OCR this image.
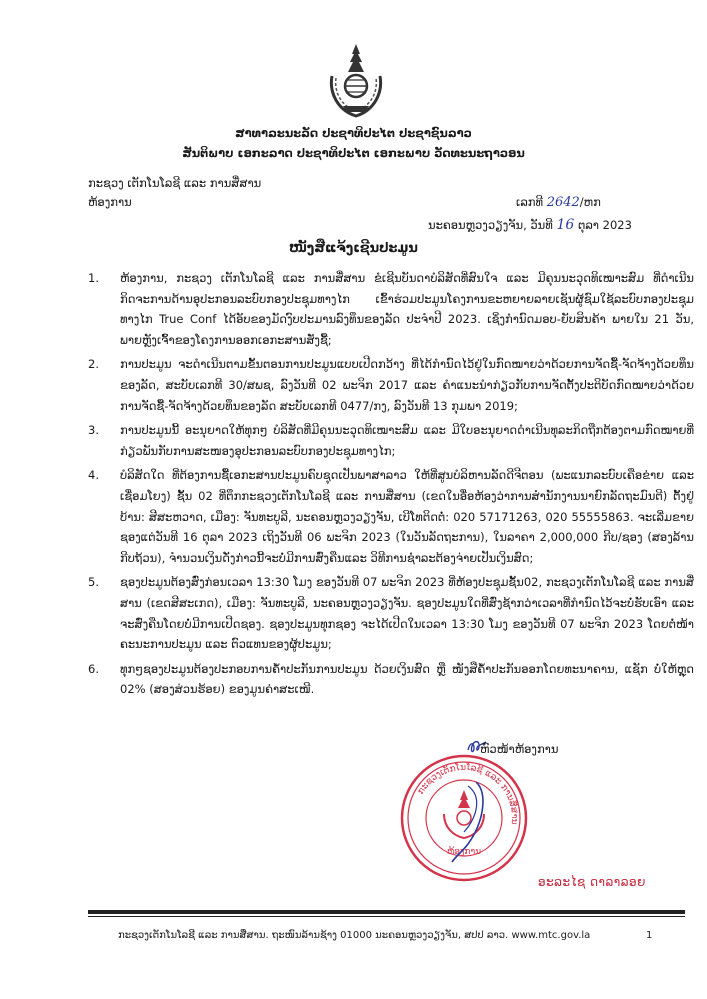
ສາທາລະນະລັດ ປະຊາທິປະໄຕ ປະຊາຊົນລາວ
ສັນຕິພາບ ເອກະລາດ ປະຊາທິປະໄຕ ເອກະພາບ ວັດທະນະຖາວອນ
ກະຊວງ ເຕັກໂນໂລຊີ ແລະ ການສື່ສານ
ຫ້ອງການ	ເລກທີ 2642/ຫກ
ນະຄອນຫຼວງວຽງຈັນ, ວັນທີ 16 ຕຸລາ 2023
ໜັງສືແຈ້ງເຊີນປະມູນ
1. ຫ້ອງການ, ກະຊວງ ເຕັກໂນໂລຊີ ແລະ ການສື່ສານ ຂໍເຊີນບັນດາບໍລິສັດທີ່ສົນໃຈ ແລະ ມີຄຸນນະວຸດທິເໝາະສົມ ທີ່ດຳເນີນກິດຈະການດ້ານອຸປະກອນລະບົບກອງປະຊຸມທາງໄກ ເຂົ້າຮ່ວມປະມູນໂຄງການຂະຫຍາຍລາຍເຊັນຜູ້ຊົມໃຊ້ລະບົບກອງປະຊຸມທາງໄກ True Conf ໄດ້ອັບຂອງມັດງົບປະມານລົງທຶນຂອງລັດ ປະຈຳປີ 2023. ເຊິ່ງກຳນົດມອບ-ຍັບສິນຄ້າ ພາຍໃນ 21 ວັນ, ພາຍຫຼັງເຈົ້າຂອງໂຄງການອອກເອກະສານສັ່ງຊື້;
2. ການປະມູນ ຈະດຳເນີນຕາມຂັ້ນຕອນການປະມູນແບບເປີດກວ້າງ ທີ່ໄດ້ກຳນົດໄວ້ຢູ່ໃນກົດໝາຍວ່າດ້ວຍການຈັດຊື້-ຈັດຈ້າງດ້ວຍທຶນຂອງລັດ, ສະບັບເລກທີ 30/ສພຊ, ລົງວັນທີ 02 ພະຈິກ 2017 ແລະ ຄຳແນະນຳກ່ຽວກັບການຈັດຕັ້ງປະຕິບັດກົດໝາຍວ່າດ້ວຍການຈັດຊື້-ຈັດຈ້າງດ້ວຍທຶນຂອງລັດ ສະບັບເລກທີ 0477/ກງ, ລົງວັນທີ 13 ກຸມພາ 2019;
3. ການປະມູນນີ້ ອະນຸຍາດໃຫ້ທຸກໆ ບໍລິສັດທີ່ມີຄຸນນະວຸດທິເໝາະສົມ ແລະ ມີໃບອະນຸຍາດດຳເນີນທຸລະກິດຖືກຕ້ອງຕາມກົດໝາຍທີ່ກ່ຽວພັນກັບການສະໜອງອຸປະກອນລະບົບກອງປະຊຸມທາງໄກ;
4. ບໍລິສັດໃດ ທີ່ຕ້ອງການຊື້ເອກະສານປະມູນຄົບຊຸດເປັນພາສາລາວ ໃຫ້ທີ່ສູນບໍລິຫານລັດດີຈີຕອນ (ພະແນກລະບົບເຄືອຂ່າຍ ແລະ ເຊື່ອມໂຍງ) ຊັ້ນ 02 ທີ່ຕຶກກະຊວງເຕັກໂນໂລຊີ ແລະ ການສື່ສານ (ເຂດໃນອື່ອຫ້ອງວ່າການສຳນັກງານນາຍົກລັດຖະມົນຕີ) ຕັ້ງຢູ່ບ້ານ: ສີສະຫວາດ, ເມືອງ: ຈັນທະບູລີ, ນະຄອນຫຼວງວຽງຈັນ, ເບີໂທຕິດຕໍ່: 020 57171263, 020 55555863. ຈະເລີ່ມຂາຍຊອງແຕ່ວັນທີ 16 ຕຸລາ 2023 ເຖິງວັນທີ 06 ພະຈິກ 2023 (ໃນວັນລັດຖະການ), ໃນລາຄາ 2,000,000 ກີບ/ຊອງ (ສອງລ້ານກີບຖ້ວນ), ຈຳນວນເງິນດັ່ງກ່າວນີ້ຈະບໍ່ມີການສົ່ງຄືນແລະ ວິທີການຊຳລະຕ້ອງຈ່າຍເປັນເງິນສົດ;
5. ຊອງປະມູນຕ້ອງສົ່ງກ່ອນເວລາ 13:30 ໂມງ ຂອງວັນທີ 07 ພະຈິກ 2023 ທີ່ຫ້ອງປະຊຸມຊັ້ນ02, ກະຊວງເຕັກໂນໂລຊີ ແລະ ການສື່ສານ (ເຂດສີສະເກດ), ເມືອງ: ຈັນທະບູລີ, ນະຄອນຫຼວງວຽງຈັນ. ຊອງປະມູນໃດທີ່ສົ່ງຊ້າກວ່າເວລາທີ່ກຳນົດໄວ້ຈະບໍ່ຮັບເອົາ ແລະ ຈະສົ່ງຄືນໂດຍບໍ່ມີການເປີດຊອງ. ຊອງປະມູນທຸກຊອງ ຈະໄດ້ເປີດໃນເວລາ 13:30 ໂມງ ຂອງວັນທີ 07 ພະຈິກ 2023 ໂດຍຕໍ່ໜ້າຄະນະການປະມູນ ແລະ ຕົວແທນຂອງຜູ້ປະມູນ;
6. ທຸກໆຊອງປະມູນຕ້ອງປະກອບການຄ້ຳປະກັນການປະມູນ ດ້ວຍເງິນສົດ ຫຼື ໜັງສືຄ້ຳປະກັນອອກໂດຍທະນາຄານ, ແຊັກ ບໍ່ໃຫ້ຫຼຸດ 02% (ສອງສ່ວນຮ້ອຍ) ຂອງມູນຄ່າສະເໜີ.
ຫົວໜ້າຫ້ອງການ
ກະຊວງເຕັກໂນໂລຊີ ແລະ ການສື່ສານ
ຫ້ອງການ
ອະລະໄຊ ດາລາລອຍ
ກະຊວງເຕັກໂນໂລຊີ ແລະ ການສື່ສານ. ຖະໜົນລ້ານຊ້າງ 01000 ນະຄອນຫຼວງວຽງຈັນ, ສປປ ລາວ. www.mtc.gov.la	1
